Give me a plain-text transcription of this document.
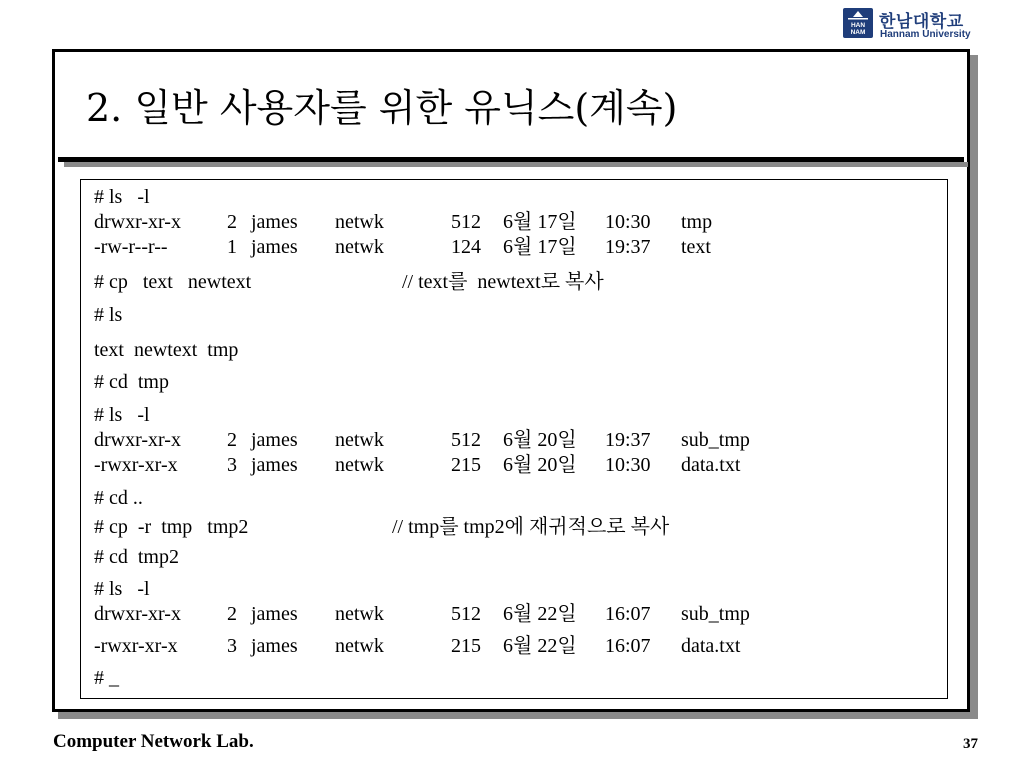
HAN
NAM
한남대학교
Hannam University
2. 일반 사용자를 위한 유닉스(계속)
# ls   -l
drwxr-xr-x 2 james netwk	512 6월 17일 10:30 tmp
-rw-r--r--	1 james netwk	124 6월 17일 19:37 text
# cp   text   newtext	// text를  newtext로 복사
# ls
text  newtext  tmp
# cd  tmp
# ls   -l
drwxr-xr-x 2 james netwk	512 6월 20일 19:37 sub_tmp
-rwxr-xr-x 3 james netwk	215 6월 20일 10:30 data.txt
# cd ..
# cp  -r  tmp   tmp2	// tmp를 tmp2에 재귀적으로 복사
# cd  tmp2
# ls   -l
drwxr-xr-x 2 james netwk	512 6월 22일 16:07 sub_tmp
-rwxr-xr-x 3 james netwk	215 6월 22일 16:07 data.txt
# _
Computer Network Lab.	37
